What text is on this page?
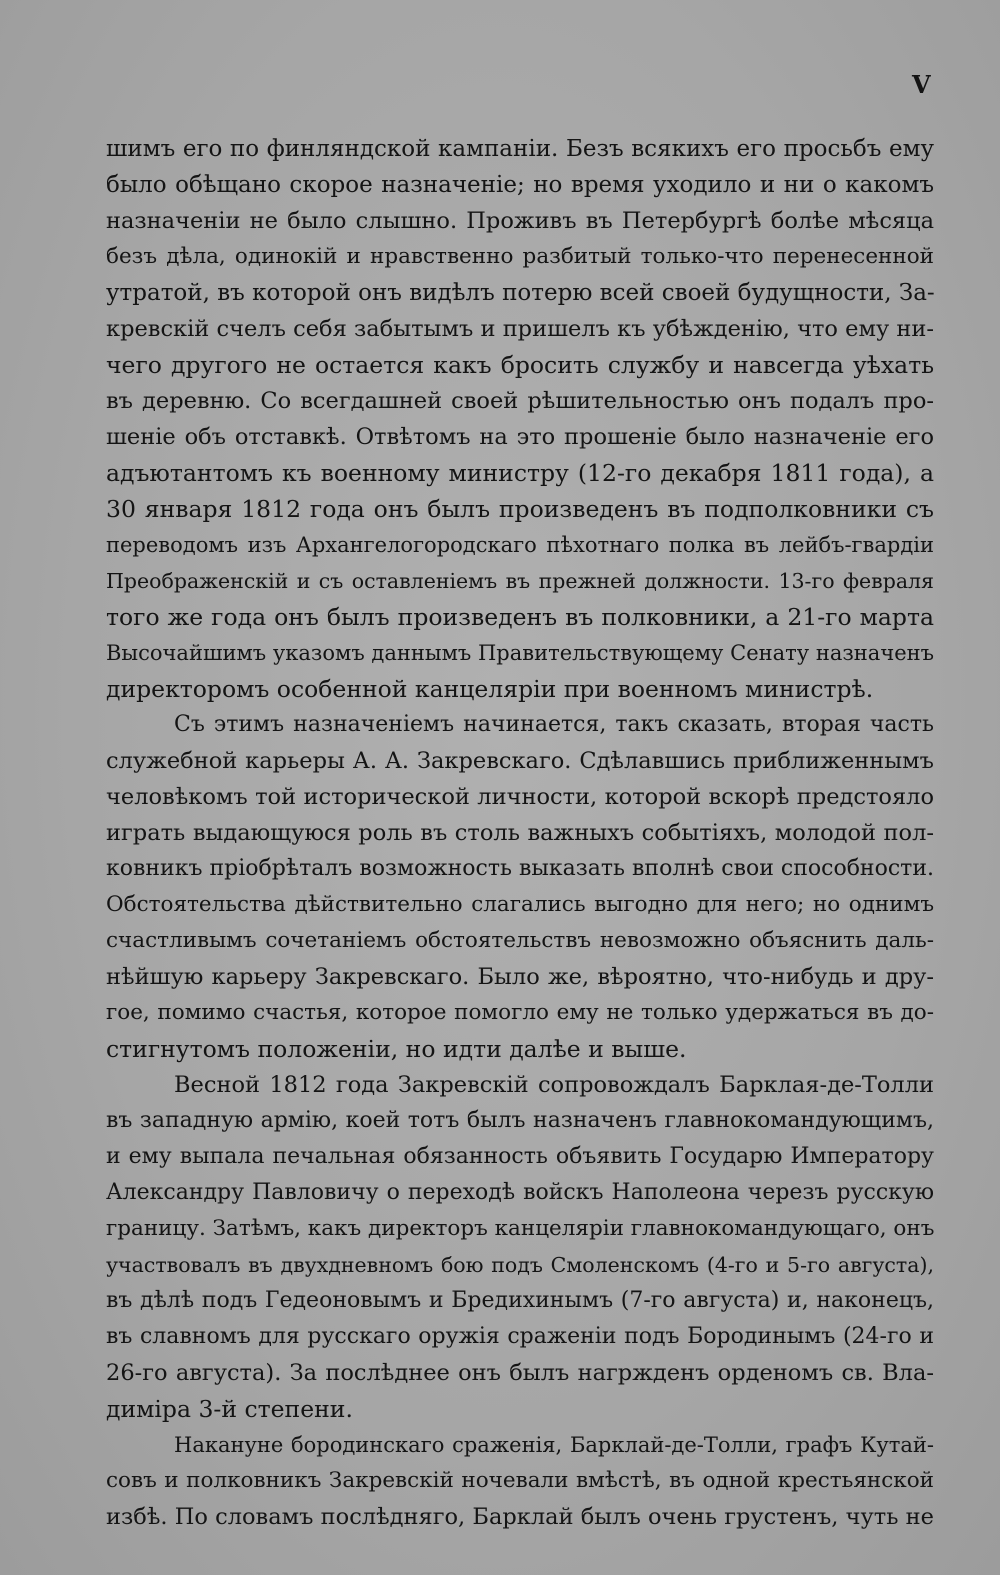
V
шимъ его по финляндской кампаніи. Безъ всякихъ его просьбъ ему
было обѣщано скорое назначеніе; но время уходило и ни о какомъ
назначеніи не было слышно. Проживъ въ Петербургѣ болѣе мѣсяца
безъ дѣла, одинокій и нравственно разбитый только-что перенесенной
утратой, въ которой онъ видѣлъ потерю всей своей будущности, За-
кревскій счелъ себя забытымъ и пришелъ къ убѣжденію, что ему ни-
чего другого не остается какъ бросить службу и навсегда уѣхать
въ деревню. Со всегдашней своей рѣшительностью онъ подалъ про-
шеніе объ отставкѣ. Отвѣтомъ на это прошеніе было назначеніе его
адъютантомъ къ военному министру (12-го декабря 1811 года), а
30 января 1812 года онъ былъ произведенъ въ подполковники съ
переводомъ изъ Архангелогородскаго пѣхотнаго полка въ лейбъ-гвардіи
Преображенскій и съ оставленіемъ въ прежней должности. 13-го февраля
того же года онъ былъ произведенъ въ полковники, а 21-го марта
Высочайшимъ указомъ даннымъ Правительствующему Сенату назначенъ
директоромъ особенной канцеляріи при военномъ министрѣ.
Съ этимъ назначеніемъ начинается, такъ сказать, вторая часть
служебной карьеры А. А. Закревскаго. Сдѣлавшись приближеннымъ
человѣкомъ той исторической личности, которой вскорѣ предстояло
играть выдающуюся роль въ столь важныхъ событіяхъ, молодой пол-
ковникъ пріобрѣталъ возможность выказать вполнѣ свои способности.
Обстоятельства дѣйствительно слагались выгодно для него; но однимъ
счастливымъ сочетаніемъ обстоятельствъ невозможно объяснить даль-
нѣйшую карьеру Закревскаго. Было же, вѣроятно, что-нибудь и дру-
гое, помимо счастья, которое помогло ему не только удержаться въ до-
стигнутомъ положеніи, но идти далѣе и выше.
Весной 1812 года Закревскій сопровождалъ Барклая-де-Толли
въ западную армію, коей тотъ былъ назначенъ главнокомандующимъ,
и ему выпала печальная обязанность объявить Государю Императору
Александру Павловичу о переходѣ войскъ Наполеона черезъ русскую
границу. Затѣмъ, какъ директоръ канцеляріи главнокомандующаго, онъ
участвовалъ въ двухдневномъ бою подъ Смоленскомъ (4-го и 5-го августа),
въ дѣлѣ подъ Гедеоновымъ и Бредихинымъ (7-го августа) и, наконецъ,
въ славномъ для русскаго оружія сраженіи подъ Бородинымъ (24-го и
26-го августа). За послѣднее онъ былъ нагржденъ орденомъ св. Вла-
диміра 3-й степени.
Накануне бородинскаго сраженія, Барклай-де-Толли, графъ Кутай-
совъ и полковникъ Закревскій ночевали вмѣстѣ, въ одной крестьянской
избѣ. По словамъ послѣдняго, Барклай былъ очень грустенъ, чуть не
